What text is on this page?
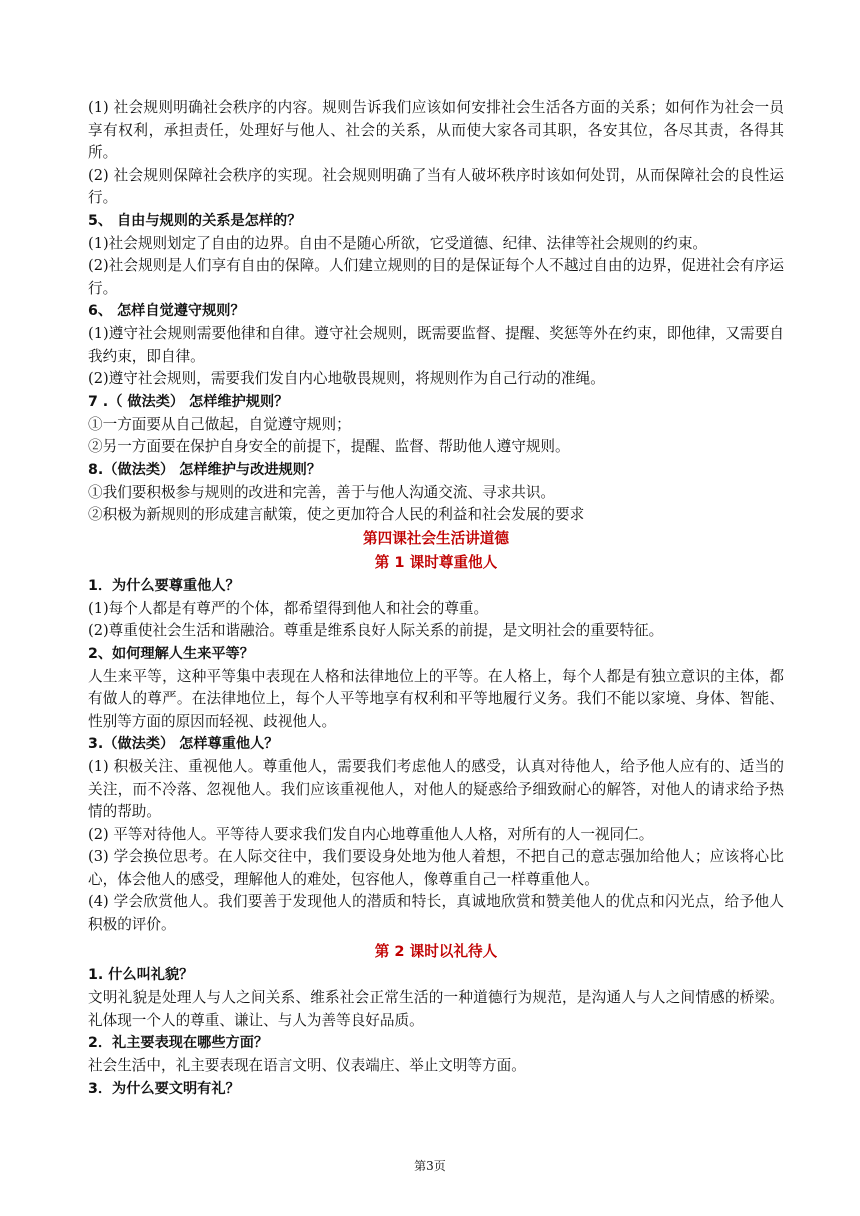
(1) 社会规则明确社会秩序的内容。规则告诉我们应该如何安排社会生活各方面的关系；如何作为社会一员享有权利，承担责任，处理好与他人、社会的关系，从而使大家各司其职，各安其位，各尽其责，各得其所。

(2) 社会规则保障社会秩序的实现。社会规则明确了当有人破坏秩序时该如何处罚，从而保障社会的良性运行。

5、 自由与规则的关系是怎样的？

(1)社会规则划定了自由的边界。自由不是随心所欲，它受道德、纪律、法律等社会规则的约束。

(2)社会规则是人们享有自由的保障。人们建立规则的目的是保证每个人不越过自由的边界，促进社会有序运行。

6、 怎样自觉遵守规则？

(1)遵守社会规则需要他律和自律。遵守社会规则，既需要监督、提醒、奖惩等外在约束，即他律，又需要自我约束，即自律。

(2)遵守社会规则，需要我们发自内心地敬畏规则，将规则作为自己行动的准绳。

7 .（ 做法类） 怎样维护规则？

①一方面要从自己做起，自觉遵守规则；

②另一方面要在保护自身安全的前提下，提醒、监督、帮助他人遵守规则。

8.（做法类） 怎样维护与改进规则？

①我们要积极参与规则的改进和完善，善于与他人沟通交流、寻求共识。

②积极为新规则的形成建言献策，使之更加符合人民的利益和社会发展的要求

第四课社会生活讲道德

第 1 课时尊重他人

1．为什么要尊重他人？

(1)每个人都是有尊严的个体，都希望得到他人和社会的尊重。

(2)尊重使社会生活和谐融洽。尊重是维系良好人际关系的前提，是文明社会的重要特征。

2、如何理解人生来平等？

人生来平等，这种平等集中表现在人格和法律地位上的平等。在人格上，每个人都是有独立意识的主体，都有做人的尊严。在法律地位上，每个人平等地享有权利和平等地履行义务。我们不能以家境、身体、智能、性别等方面的原因而轻视、歧视他人。

3.（做法类） 怎样尊重他人？

(1) 积极关注、重视他人。尊重他人，需要我们考虑他人的感受，认真对待他人，给予他人应有的、适当的关注，而不冷落、忽视他人。我们应该重视他人，对他人的疑惑给予细致耐心的解答，对他人的请求给予热情的帮助。

(2) 平等对待他人。平等待人要求我们发自内心地尊重他人人格，对所有的人一视同仁。

(3) 学会换位思考。在人际交往中，我们要设身处地为他人着想，不把自己的意志强加给他人；应该将心比心，体会他人的感受，理解他人的难处，包容他人，像尊重自己一样尊重他人。

(4) 学会欣赏他人。我们要善于发现他人的潜质和特长，真诚地欣赏和赞美他人的优点和闪光点，给予他人积极的评价。

第 2 课时以礼待人

1. 什么叫礼貌？

文明礼貌是处理人与人之间关系、维系社会正常生活的一种道德行为规范，是沟通人与人之间情感的桥梁。礼体现一个人的尊重、谦让、与人为善等良好品质。

2．礼主要表现在哪些方面？

社会生活中，礼主要表现在语言文明、仪表端庄、举止文明等方面。

3．为什么要文明有礼？

第3页
